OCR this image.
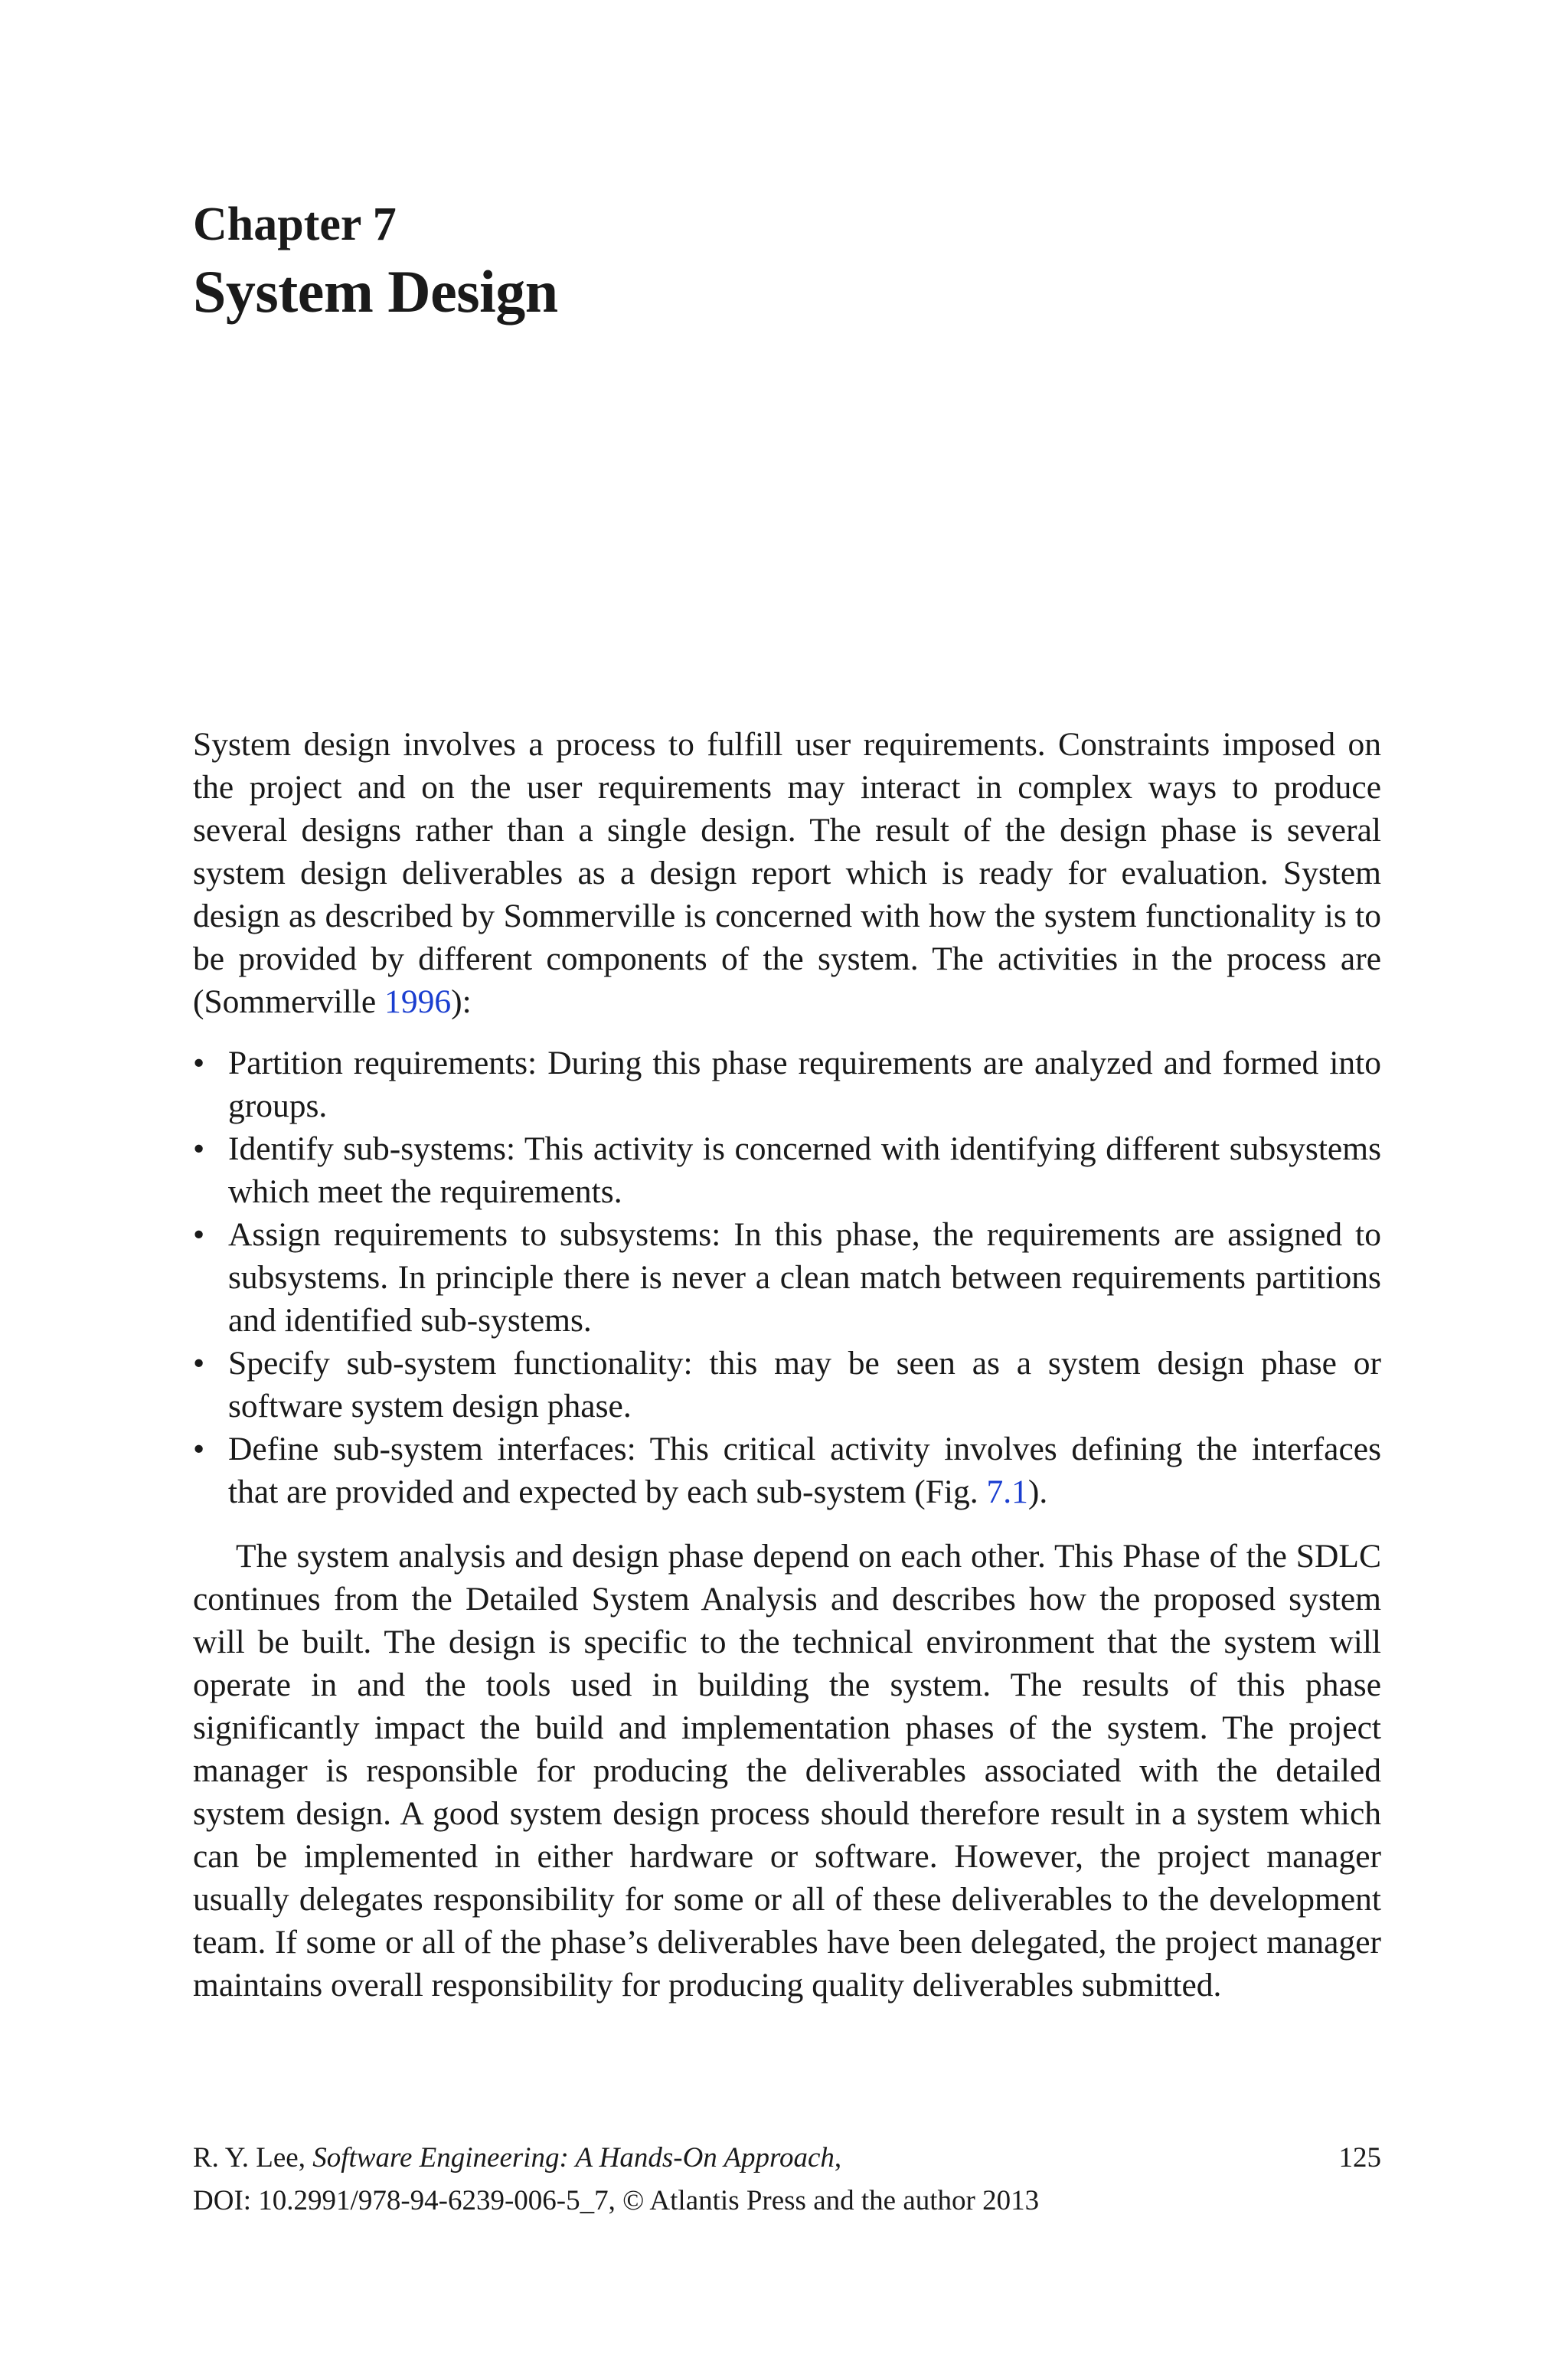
Chapter 7
System Design

System design involves a process to fulfill user requirements. Constraints imposed on the project and on the user requirements may interact in complex ways to produce several designs rather than a single design. The result of the design phase is several system design deliverables as a design report which is ready for evaluation. System design as described by Sommerville is concerned with how the system functionality is to be provided by different components of the system. The activities in the process are (Sommerville 1996):

• Partition requirements: During this phase requirements are analyzed and formed into groups.
• Identify sub-systems: This activity is concerned with identifying different subsystems which meet the requirements.
• Assign requirements to subsystems: In this phase, the requirements are assigned to subsystems. In principle there is never a clean match between requirements partitions and identified sub-systems.
• Specify sub-system functionality: this may be seen as a system design phase or software system design phase.
• Define sub-system interfaces: This critical activity involves defining the interfaces that are provided and expected by each sub-system (Fig. 7.1).

The system analysis and design phase depend on each other. This Phase of the SDLC continues from the Detailed System Analysis and describes how the proposed system will be built. The design is specific to the technical environment that the system will operate in and the tools used in building the system. The results of this phase significantly impact the build and implementation phases of the system. The project manager is responsible for producing the deliverables associated with the detailed system design. A good system design process should therefore result in a system which can be implemented in either hardware or software. However, the project manager usually delegates responsibility for some or all of these deliverables to the development team. If some or all of the phase’s deliverables have been delegated, the project manager maintains overall responsibility for producing quality deliverables submitted.

R. Y. Lee, Software Engineering: A Hands-On Approach,
DOI: 10.2991/978-94-6239-006-5_7, © Atlantis Press and the author 2013
125
